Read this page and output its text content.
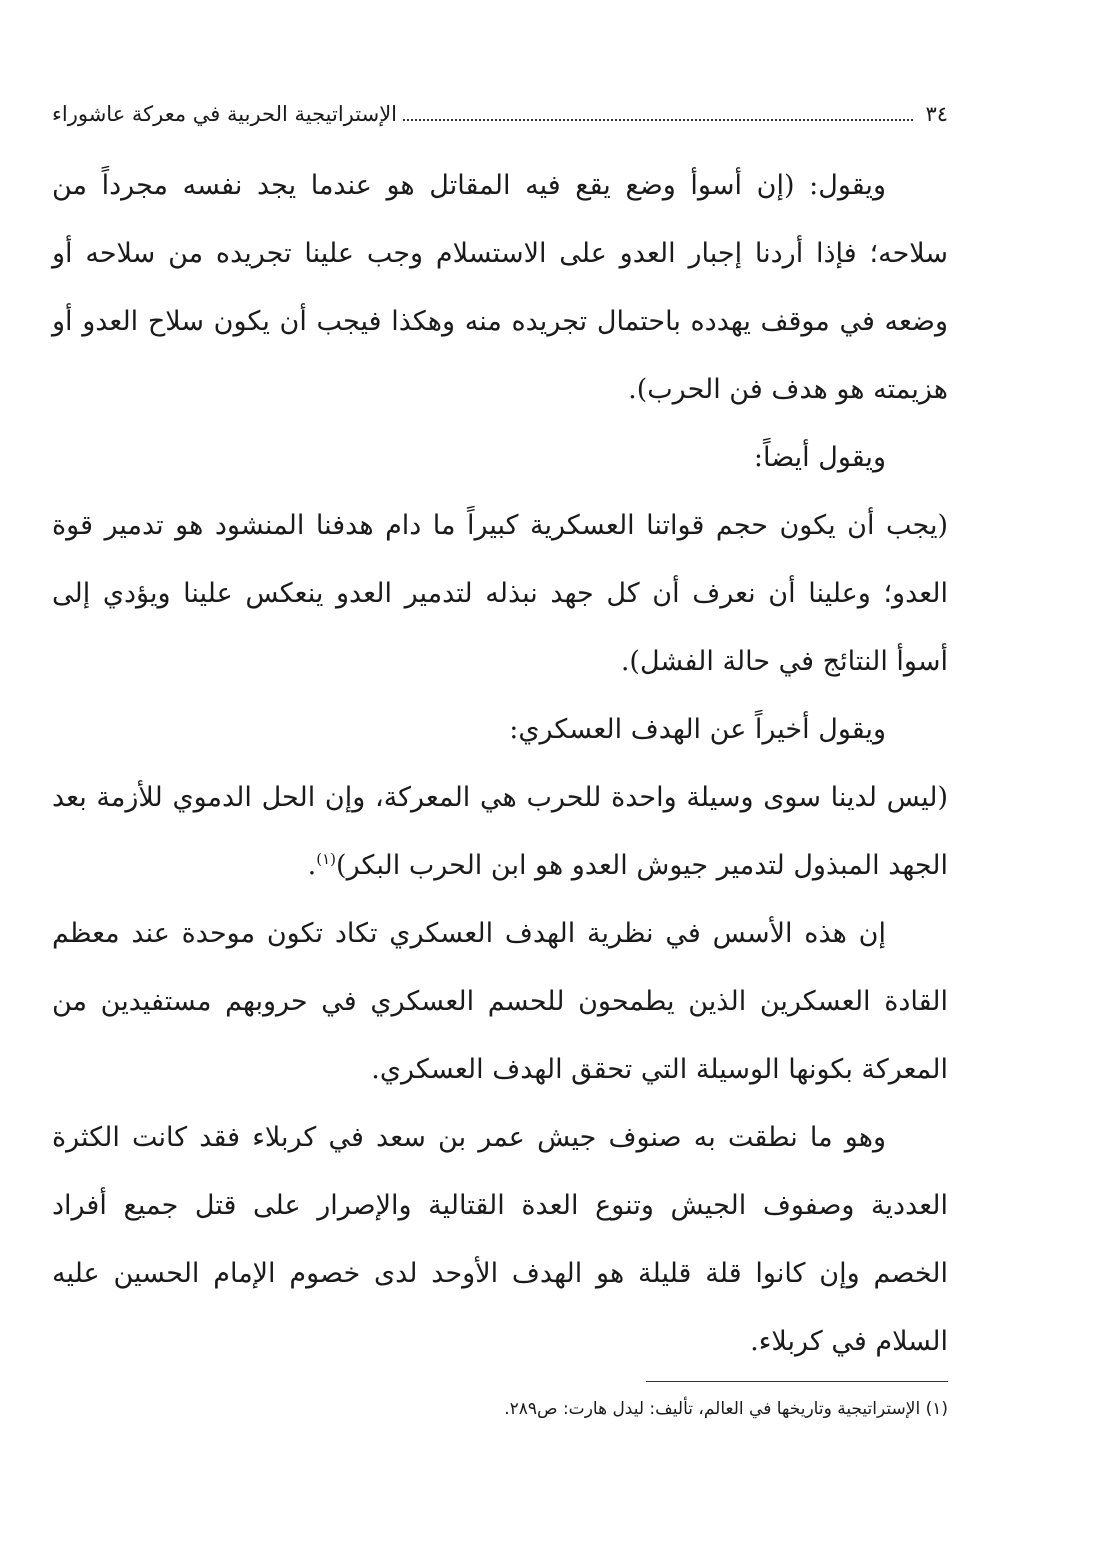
٣٤
الإستراتيجية الحربية في معركة عاشوراء

ويقول: (إن أسوأ وضع يقع فيه المقاتل هو عندما يجد نفسه مجرداً من سلاحه؛ فإذا أردنا إجبار العدو على الاستسلام وجب علينا تجريده من سلاحه أو وضعه في موقف يهدده باحتمال تجريده منه وهكذا فيجب أن يكون سلاح العدو أو هزيمته هو هدف فن الحرب).

ويقول أيضاً:

(يجب أن يكون حجم قواتنا العسكرية كبيراً ما دام هدفنا المنشود هو تدمير قوة العدو؛ وعلينا أن نعرف أن كل جهد نبذله لتدمير العدو ينعكس علينا ويؤدي إلى أسوأ النتائج في حالة الفشل).

ويقول أخيراً عن الهدف العسكري:

(ليس لدينا سوى وسيلة واحدة للحرب هي المعركة، وإن الحل الدموي للأزمة بعد الجهد المبذول لتدمير جيوش العدو هو ابن الحرب البكر)$^{(١)}$.

إن هذه الأسس في نظرية الهدف العسكري تكاد تكون موحدة عند معظم القادة العسكرين الذين يطمحون للحسم العسكري في حروبهم مستفيدين من المعركة بكونها الوسيلة التي تحقق الهدف العسكري.

وهو ما نطقت به صنوف جيش عمر بن سعد في كربلاء فقد كانت الكثرة العددية وصفوف الجيش وتنوع العدة القتالية والإصرار على قتل جميع أفراد الخصم وإن كانوا قلة قليلة هو الهدف الأوحد لدى خصوم الإمام الحسين عليه السلام في كربلاء.

(١) الإستراتيجية وتاريخها في العالم، تأليف: ليدل هارت: ص٢٨٩.
